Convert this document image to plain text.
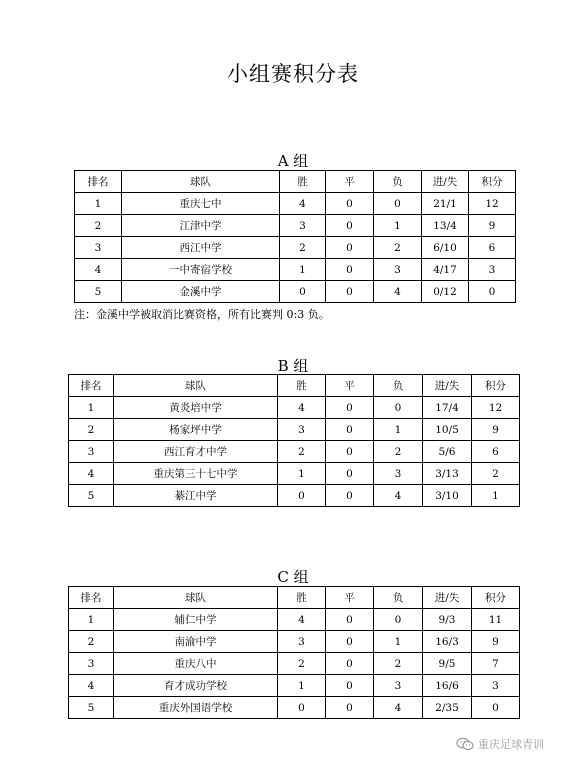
小组赛积分表
A 组
排名	球队	胜	平	负	进/失	积分
1	重庆七中	4	0	0	21/1	12
2	江津中学	3	0	1	13/4	9
3	西江中学	2	0	2	6/10	6
4	一中寄宿学校	1	0	3	4/17	3
5	金溪中学	0	0	4	0/12	0
注：金溪中学被取消比赛资格，所有比赛判 0:3 负。
B 组
排名	球队	胜	平	负	进/失	积分
1	黄炎培中学	4	0	0	17/4	12
2	杨家坪中学	3	0	1	10/5	9
3	西江育才中学	2	0	2	5/6	6
4	重庆第三十七中学	1	0	3	3/13	2
5	綦江中学	0	0	4	3/10	1
C 组
排名	球队	胜	平	负	进/失	积分
1	辅仁中学	4	0	0	9/3	11
2	南渝中学	3	0	1	16/3	9
3	重庆八中	2	0	2	9/5	7
4	育才成功学校	1	0	3	16/6	3
5	重庆外国语学校	0	0	4	2/35	0
重庆足球青训
